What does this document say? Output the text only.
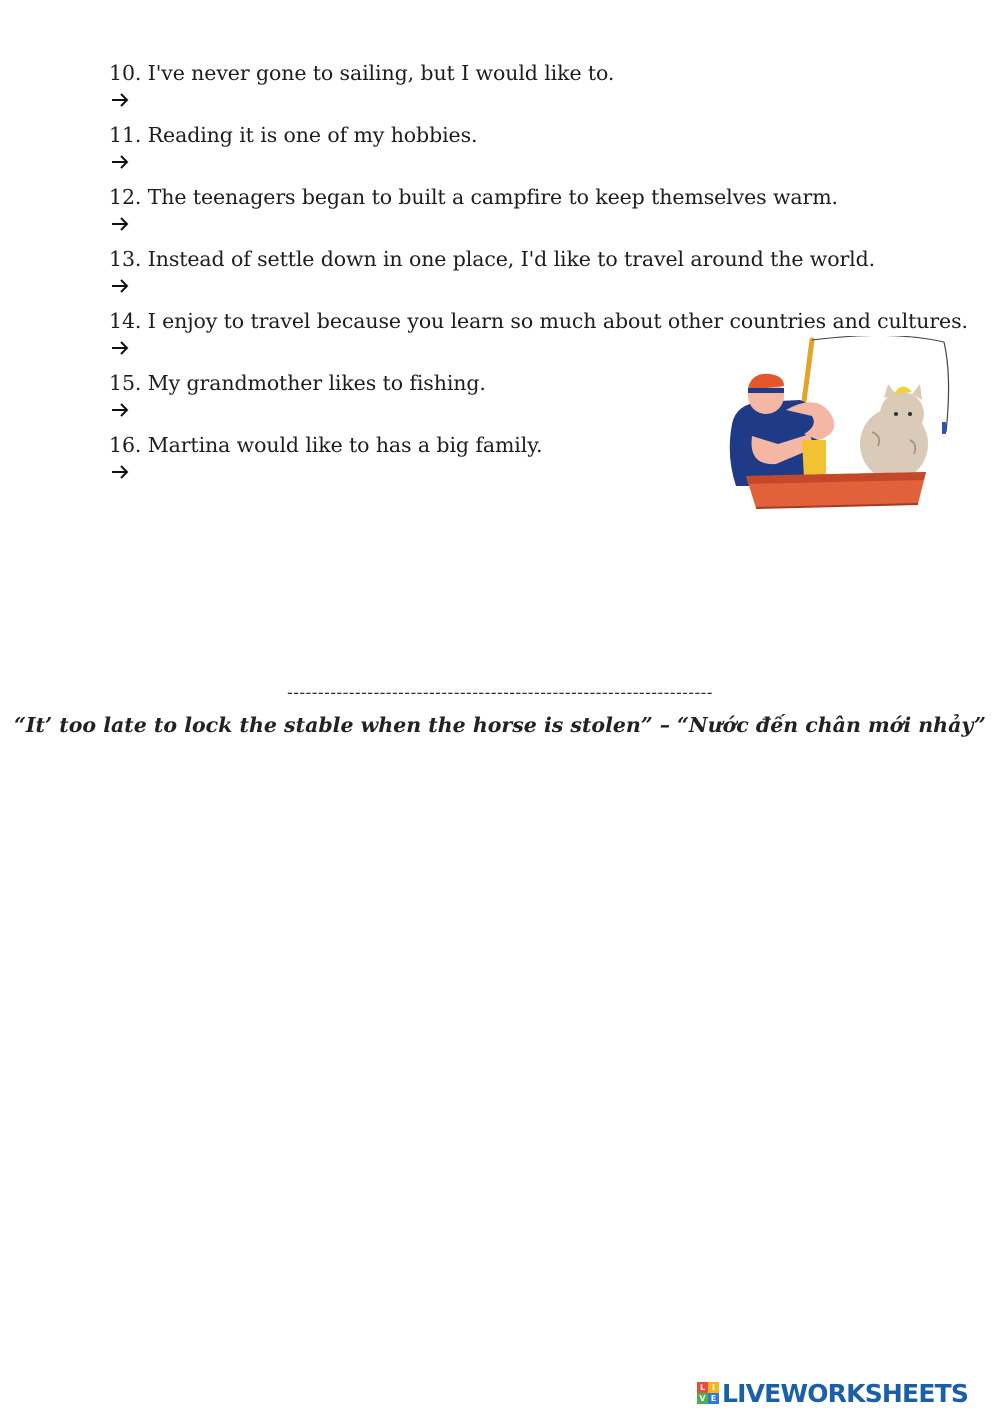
10. I've never gone to sailing, but I would like to.
11. Reading it is one of my hobbies.
12. The teenagers began to built a campfire to keep themselves warm.
13. Instead of settle down in one place, I'd like to travel around the world.
14. I enjoy to travel because you learn so much about other countries and cultures.
15. My grandmother likes to fishing.
16. Martina would like to has a big family.
---------------------------------------------------------------------
“It’ too late to lock the stable when the horse is stolen” – “Nước đến chân mới nhảy”
L I
V E LIVEWORKSHEETS
